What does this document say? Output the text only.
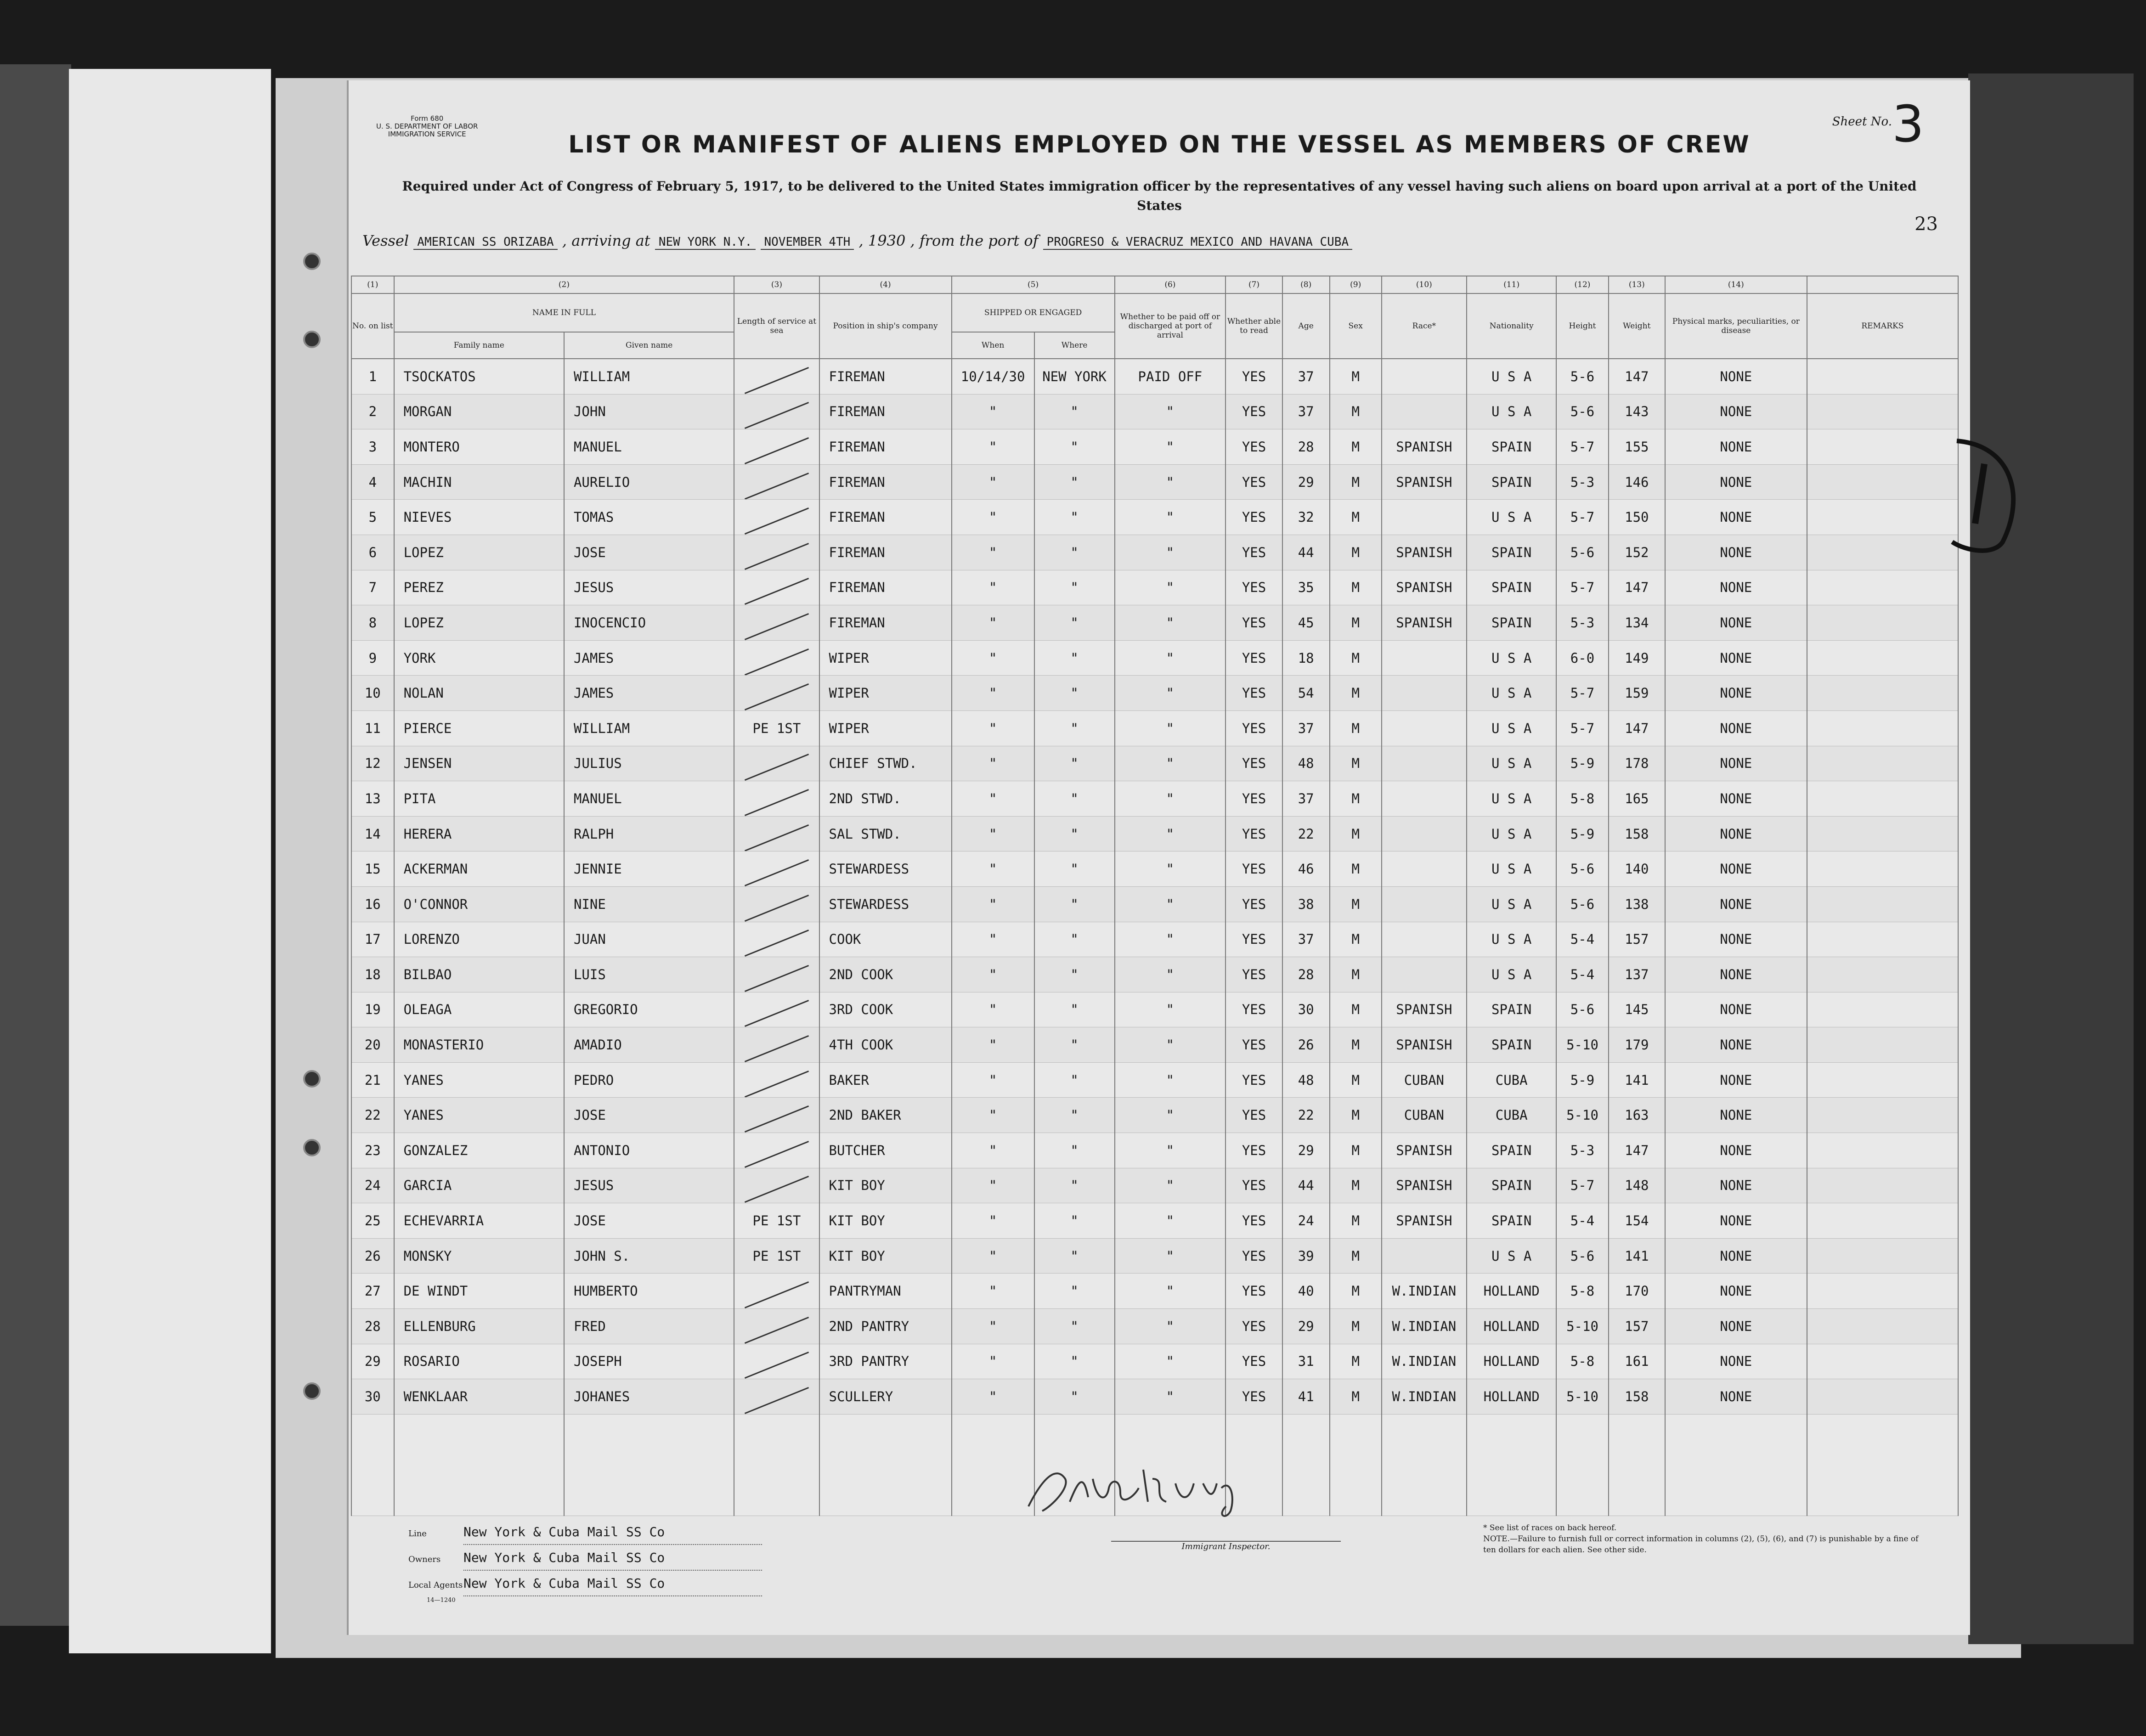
Form 680
U. S. DEPARTMENT OF LABOR
IMMIGRATION SERVICE
Sheet No. 3
LIST OR MANIFEST OF ALIENS EMPLOYED ON THE VESSEL AS MEMBERS OF CREW
Required under Act of Congress of February 5, 1917, to be delivered to the United States immigration officer by the representatives of any vessel having such aliens on board upon arrival at a port of the United States
23
Vessel AMERICAN SS ORIZABA , arriving at NEW YORK N.Y. NOVEMBER 4TH , 1930 , from the port of PROGRESO & VERACRUZ MEXICO AND HAVANA CUBA
(1)	(2)		(3)	(4)	(5)		(6)	(7)	(8)	(9)	(10)	(11)	(12)	(13)	(14)	
No. on list	NAME IN FULL		Length of service at sea	Position in ship's company	SHIPPED OR ENGAGED		Whether to be paid off or discharged at port of arrival	Whether able to read	Age	Sex	Race*	Nationality	Height	Weight	Physical marks, peculiarities, or disease	REMARKS
	Family name	Given name			When	Where										
1	TSOCKATOS	WILLIAM		FIREMAN	10/14/30	NEW YORK	PAID OFF	YES	37	M		U S A	5-6	147	NONE	
2	MORGAN	JOHN		FIREMAN	"	"	"	YES	37	M		U S A	5-6	143	NONE	
3	MONTERO	MANUEL		FIREMAN	"	"	"	YES	28	M	SPANISH	SPAIN	5-7	155	NONE	
4	MACHIN	AURELIO		FIREMAN	"	"	"	YES	29	M	SPANISH	SPAIN	5-3	146	NONE	
5	NIEVES	TOMAS		FIREMAN	"	"	"	YES	32	M		U S A	5-7	150	NONE	
6	LOPEZ	JOSE		FIREMAN	"	"	"	YES	44	M	SPANISH	SPAIN	5-6	152	NONE	
7	PEREZ	JESUS		FIREMAN	"	"	"	YES	35	M	SPANISH	SPAIN	5-7	147	NONE	
8	LOPEZ	INOCENCIO		FIREMAN	"	"	"	YES	45	M	SPANISH	SPAIN	5-3	134	NONE	
9	YORK	JAMES		WIPER	"	"	"	YES	18	M		U S A	6-0	149	NONE	
10	NOLAN	JAMES		WIPER	"	"	"	YES	54	M		U S A	5-7	159	NONE	
11	PIERCE	WILLIAM	PE 1ST	WIPER	"	"	"	YES	37	M		U S A	5-7	147	NONE	
12	JENSEN	JULIUS		CHIEF STWD.	"	"	"	YES	48	M		U S A	5-9	178	NONE	
13	PITA	MANUEL		2ND STWD.	"	"	"	YES	37	M		U S A	5-8	165	NONE	
14	HERERA	RALPH		SAL STWD.	"	"	"	YES	22	M		U S A	5-9	158	NONE	
15	ACKERMAN	JENNIE		STEWARDESS	"	"	"	YES	46	M		U S A	5-6	140	NONE	
16	O'CONNOR	NINE		STEWARDESS	"	"	"	YES	38	M		U S A	5-6	138	NONE	
17	LORENZO	JUAN		COOK	"	"	"	YES	37	M		U S A	5-4	157	NONE	
18	BILBAO	LUIS		2ND COOK	"	"	"	YES	28	M		U S A	5-4	137	NONE	
19	OLEAGA	GREGORIO		3RD COOK	"	"	"	YES	30	M	SPANISH	SPAIN	5-6	145	NONE	
20	MONASTERIO	AMADIO		4TH COOK	"	"	"	YES	26	M	SPANISH	SPAIN	5-10	179	NONE	
21	YANES	PEDRO		BAKER	"	"	"	YES	48	M	CUBAN	CUBA	5-9	141	NONE	
22	YANES	JOSE		2ND BAKER	"	"	"	YES	22	M	CUBAN	CUBA	5-10	163	NONE	
23	GONZALEZ	ANTONIO		BUTCHER	"	"	"	YES	29	M	SPANISH	SPAIN	5-3	147	NONE	
24	GARCIA	JESUS		KIT BOY	"	"	"	YES	44	M	SPANISH	SPAIN	5-7	148	NONE	
25	ECHEVARRIA	JOSE	PE 1ST	KIT BOY	"	"	"	YES	24	M	SPANISH	SPAIN	5-4	154	NONE	
26	MONSKY	JOHN S.	PE 1ST	KIT BOY	"	"	"	YES	39	M		U S A	5-6	141	NONE	
27	DE WINDT	HUMBERTO		PANTRYMAN	"	"	"	YES	40	M	W.INDIAN	HOLLAND	5-8	170	NONE	
28	ELLENBURG	FRED		2ND PANTRY	"	"	"	YES	29	M	W.INDIAN	HOLLAND	5-10	157	NONE	
29	ROSARIO	JOSEPH		3RD PANTRY	"	"	"	YES	31	M	W.INDIAN	HOLLAND	5-8	161	NONE	
30	WENKLAAR	JOHANES		SCULLERY	"	"	"	YES	41	M	W.INDIAN	HOLLAND	5-10	158	NONE	

Line	New York & Cuba Mail SS Co
Owners New York & Cuba Mail SS Co
Local AgentsNew York & Cuba Mail SS Co
14—1240
Immigrant Inspector.
* See list of races on back hereof.
NOTE.—Failure to furnish full or correct information in columns (2), (5), (6), and (7) is punishable by a fine of ten dollars for each alien. See other side.
